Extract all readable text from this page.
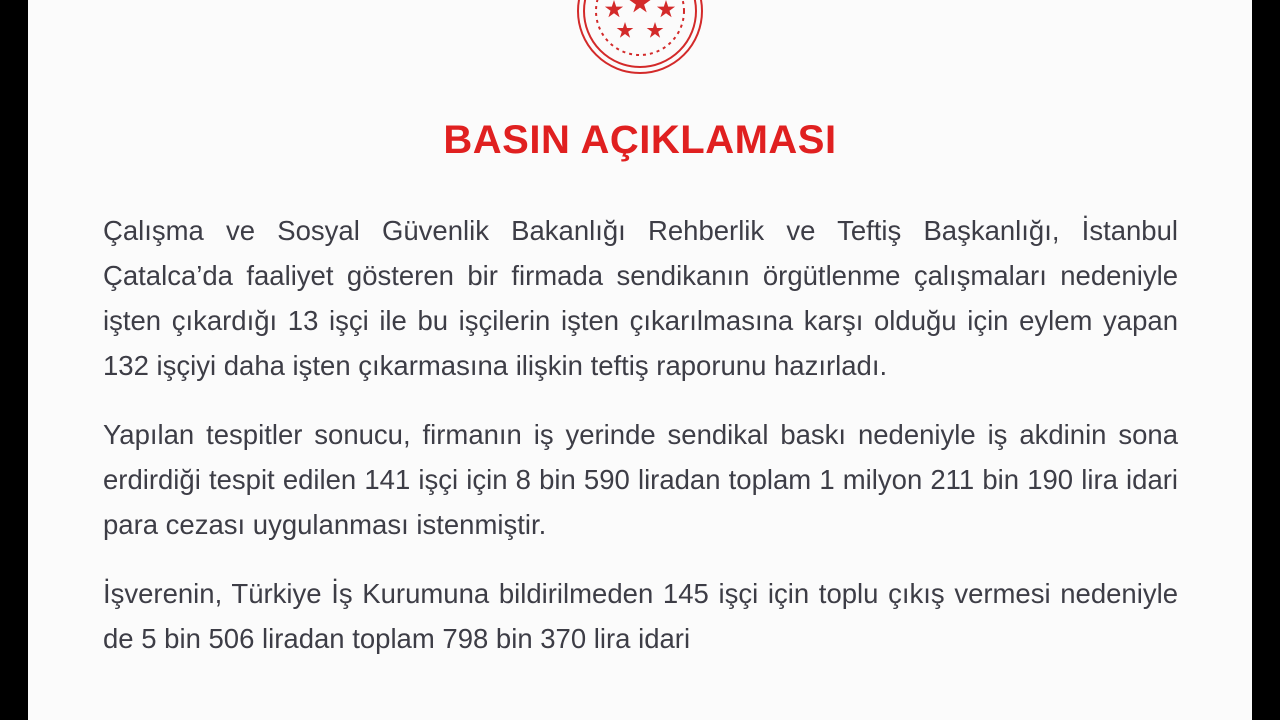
BASIN AÇIKLAMASI

Çalışma ve Sosyal Güvenlik Bakanlığı Rehberlik ve Teftiş Başkanlığı, İstanbul Çatalca’da faaliyet gösteren bir firmada sendikanın örgütlenme çalışmaları nedeniyle işten çıkardığı 13 işçi ile bu işçilerin işten çıkarılmasına karşı olduğu için eylem yapan 132 işçiyi daha işten çıkarmasına ilişkin teftiş raporunu hazırladı.

Yapılan tespitler sonucu, firmanın iş yerinde sendikal baskı nedeniyle iş akdinin sona erdirdiği tespit edilen 141 işçi için 8 bin 590 liradan toplam 1 milyon 211 bin 190 lira idari para cezası uygulanması istenmiştir.

İşverenin, Türkiye İş Kurumuna bildirilmeden 145 işçi için toplu çıkış vermesi nedeniyle de 5 bin 506 liradan toplam 798 bin 370 lira idari
